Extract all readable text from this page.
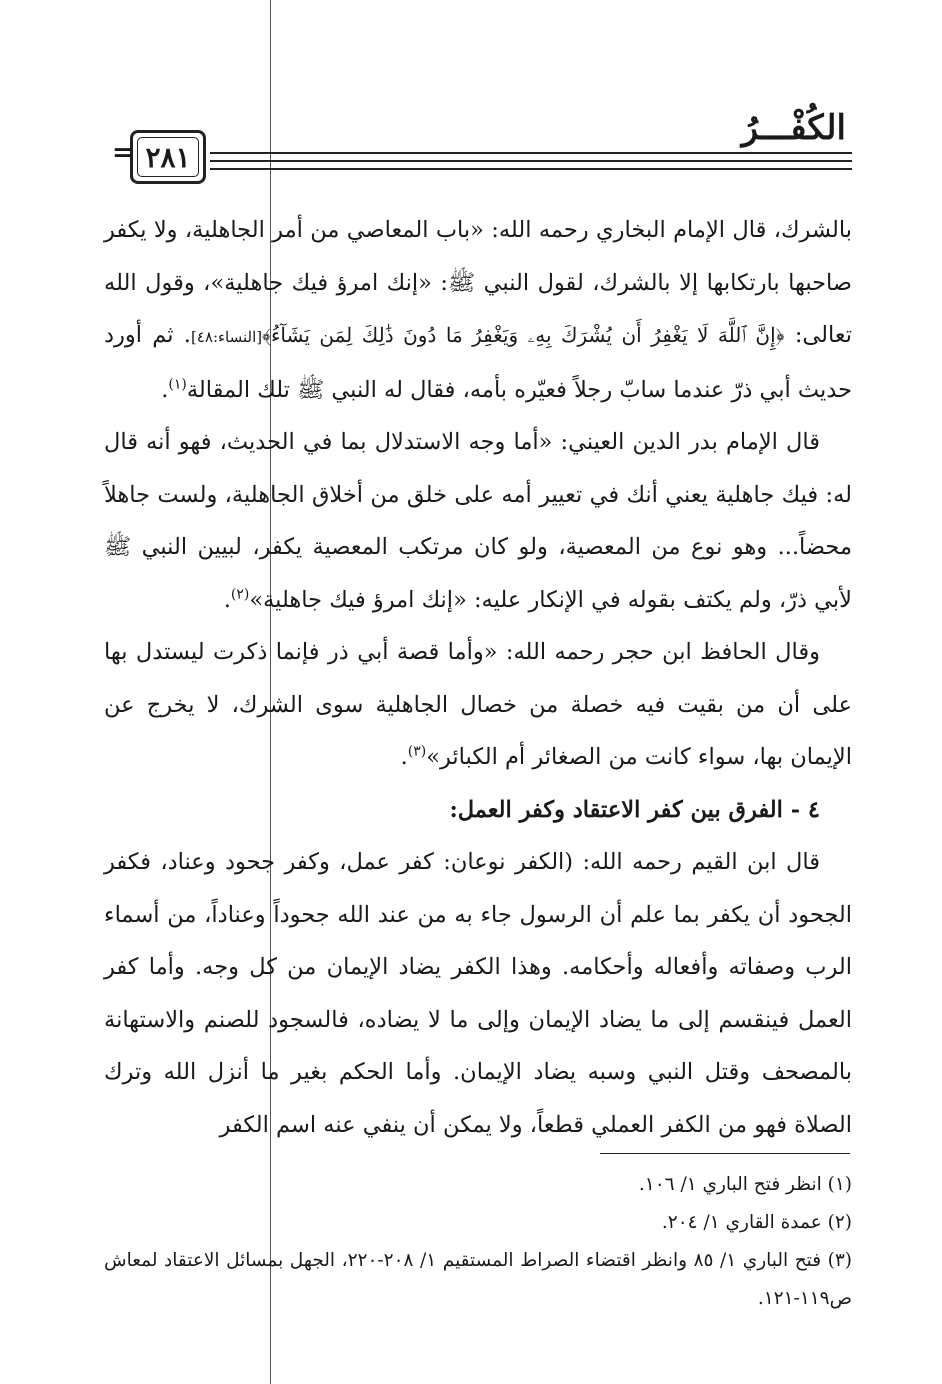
الكُفْـــرُ
٢٨١
=

بالشرك، قال الإمام البخاري رحمه الله: «باب المعاصي من أمر الجاهلية، ولا يكفر صاحبها بارتكابها إلا بالشرك، لقول النبي ﷺ: «إنك امرؤ فيك جاهلية»، وقول الله تعالى: ﴿إِنَّ ٱللَّهَ لَا يَغْفِرُ أَن يُشْرَكَ بِهِۦ وَيَغْفِرُ مَا دُونَ ذَٰلِكَ لِمَن يَشَآءُ﴾[النساء:٤٨]. ثم أورد حديث أبي ذرّ عندما سابّ رجلاً فعيّره بأمه، فقال له النبي ﷺ تلك المقالة$^{(١)}$.

قال الإمام بدر الدين العيني: «أما وجه الاستدلال بما في الحديث، فهو أنه قال له: فيك جاهلية يعني أنك في تعيير أمه على خلق من أخلاق الجاهلية، ولست جاهلاً محضاً... وهو نوع من المعصية، ولو كان مرتكب المعصية يكفر، لبيين النبي ﷺ لأبي ذرّ، ولم يكتف بقوله في الإنكار عليه: «إنك امرؤ فيك جاهلية»$^{(٢)}$.

وقال الحافظ ابن حجر رحمه الله: «وأما قصة أبي ذر فإنما ذكرت ليستدل بها على أن من بقيت فيه خصلة من خصال الجاهلية سوى الشرك، لا يخرج عن الإيمان بها، سواء كانت من الصغائر أم الكبائر»$^{(٣)}$.

٤ - الفرق بين كفر الاعتقاد وكفر العمل:

قال ابن القيم رحمه الله: (الكفر نوعان: كفر عمل، وكفر جحود وعناد، فكفر الجحود أن يكفر بما علم أن الرسول جاء به من عند الله جحوداً وعناداً، من أسماء الرب وصفاته وأفعاله وأحكامه. وهذا الكفر يضاد الإيمان من كل وجه. وأما كفر العمل فينقسم إلى ما يضاد الإيمان وإلى ما لا يضاده، فالسجود للصنم والاستهانة بالمصحف وقتل النبي وسبه يضاد الإيمان. وأما الحكم بغير ما أنزل الله وترك الصلاة فهو من الكفر العملي قطعاً، ولا يمكن أن ينفي عنه اسم الكفر

(١) انظر فتح الباري ١/ ١٠٦.

(٢) عمدة القاري ١/ ٢٠٤.

(٣) فتح الباري ١/ ٨٥ وانظر اقتضاء الصراط المستقيم ١/ ٢٠٨-٢٢٠، الجهل بمسائل الاعتقاد لمعاش ص١١٩-١٢١.
